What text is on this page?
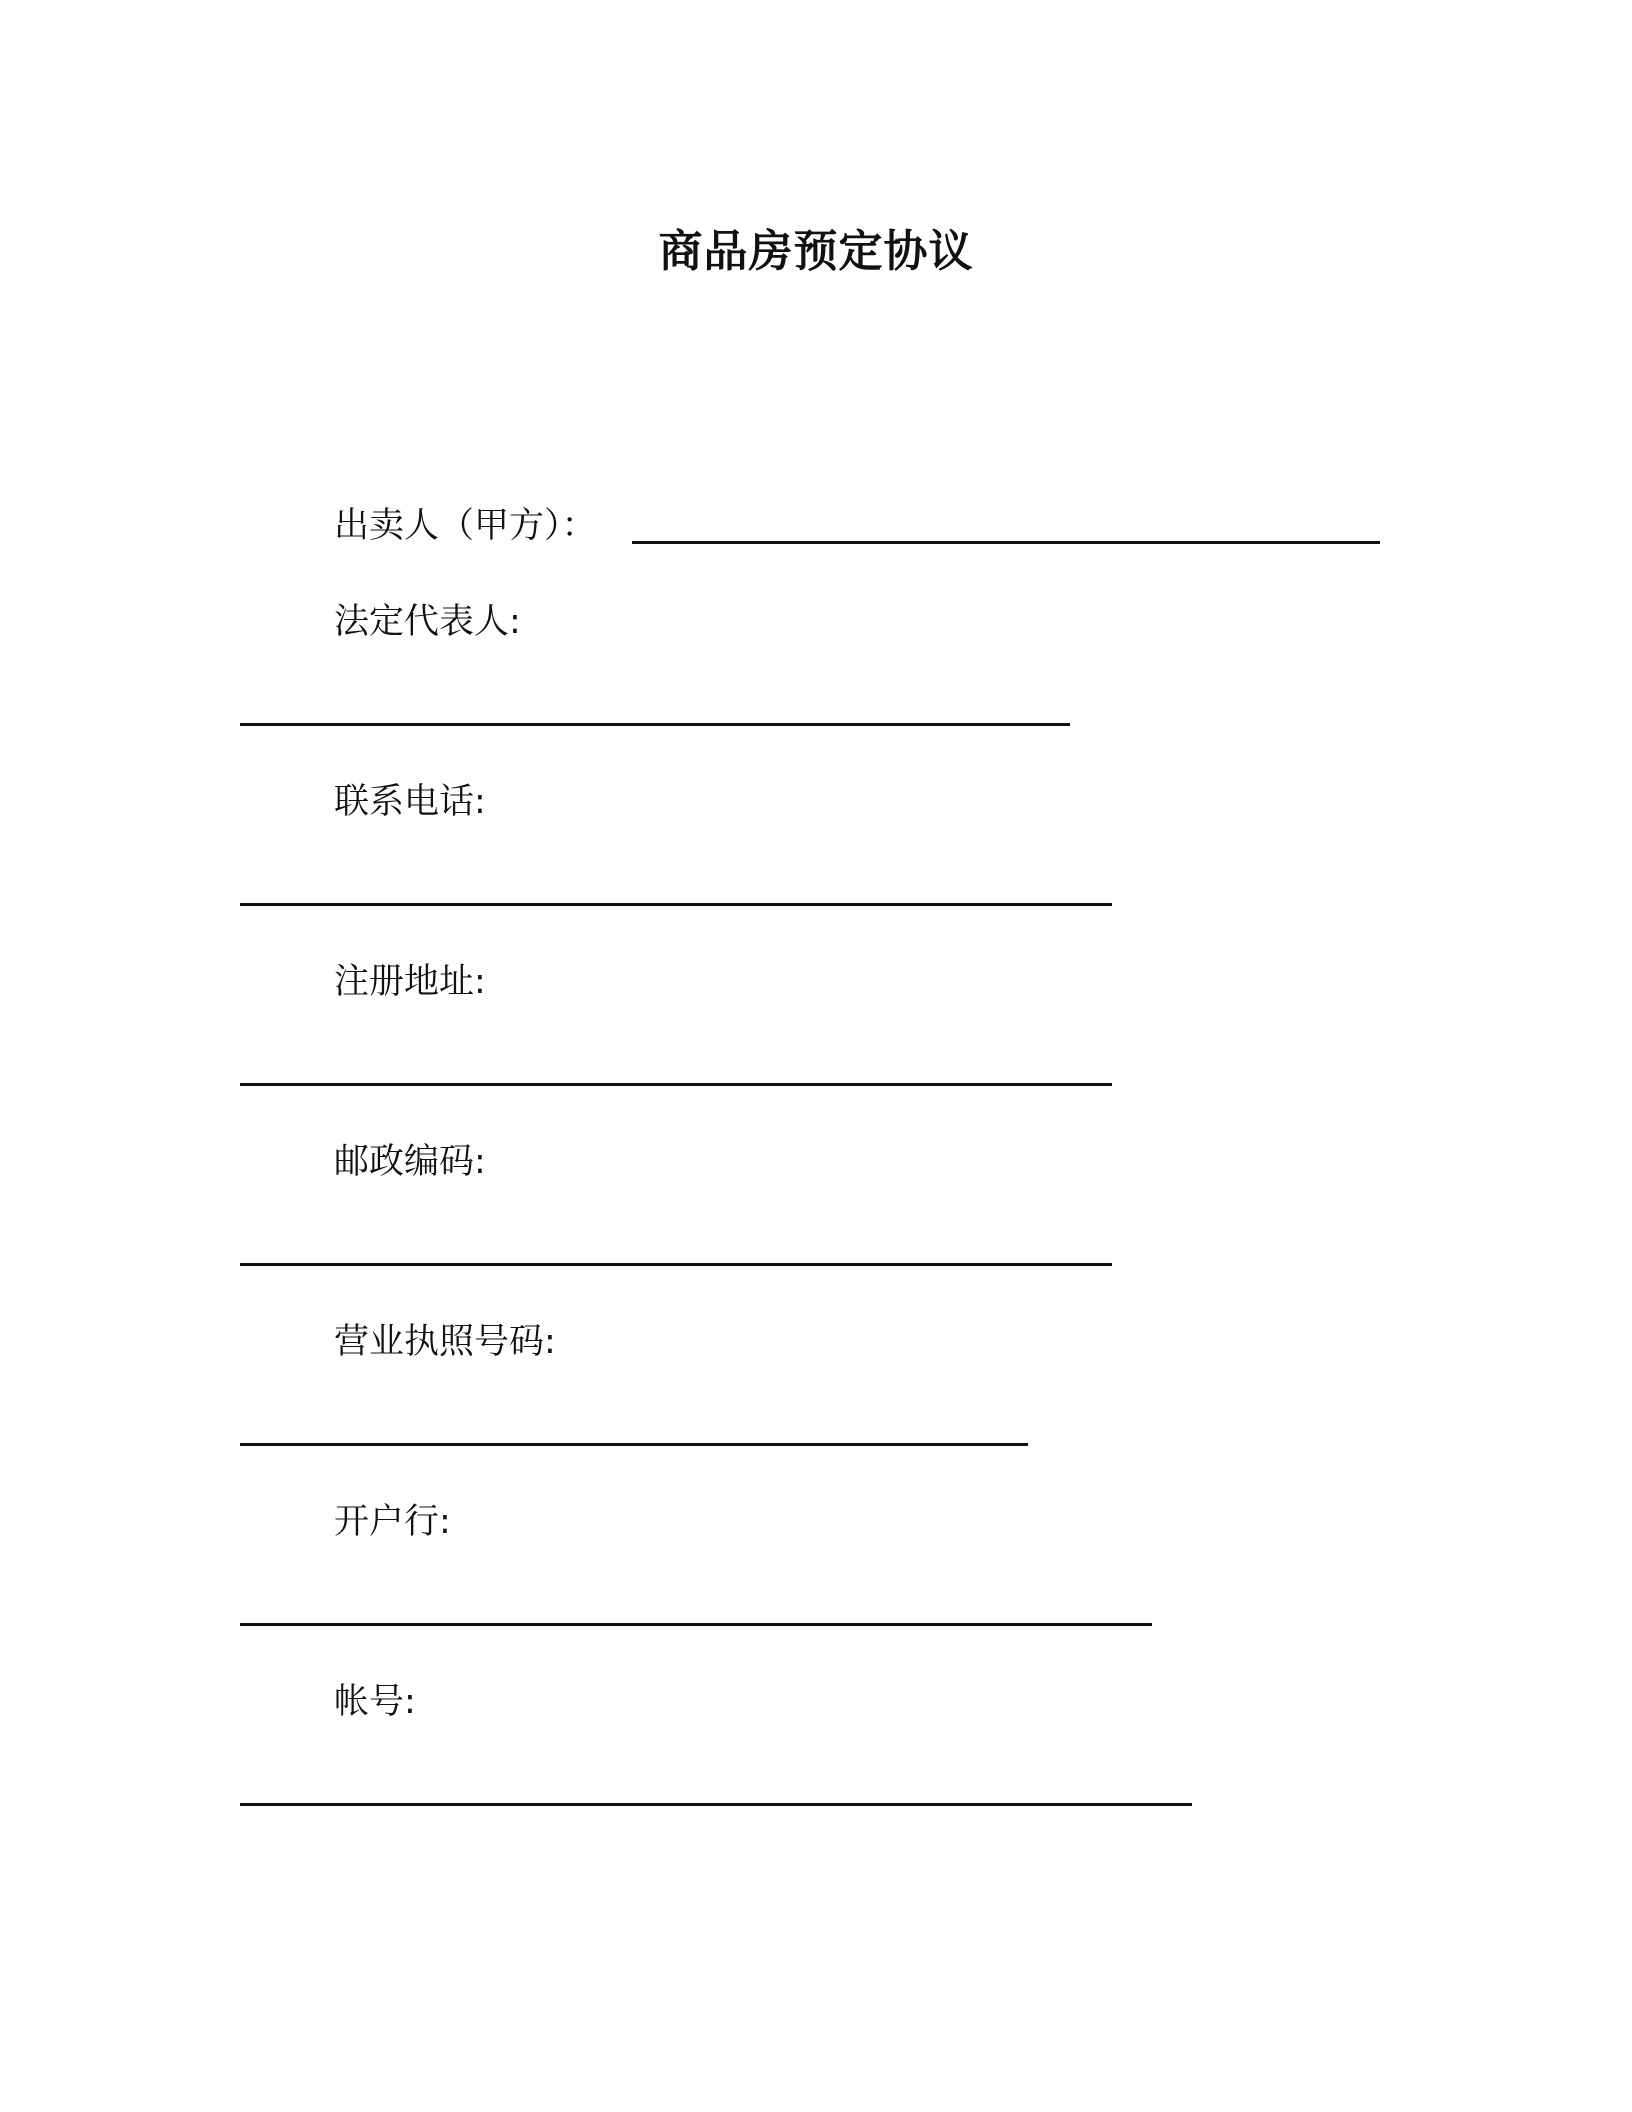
商品房预定协议
出卖人（甲方）：
法定代表人:
联系电话:
注册地址:
邮政编码:
营业执照号码:
开户行:
帐号:
